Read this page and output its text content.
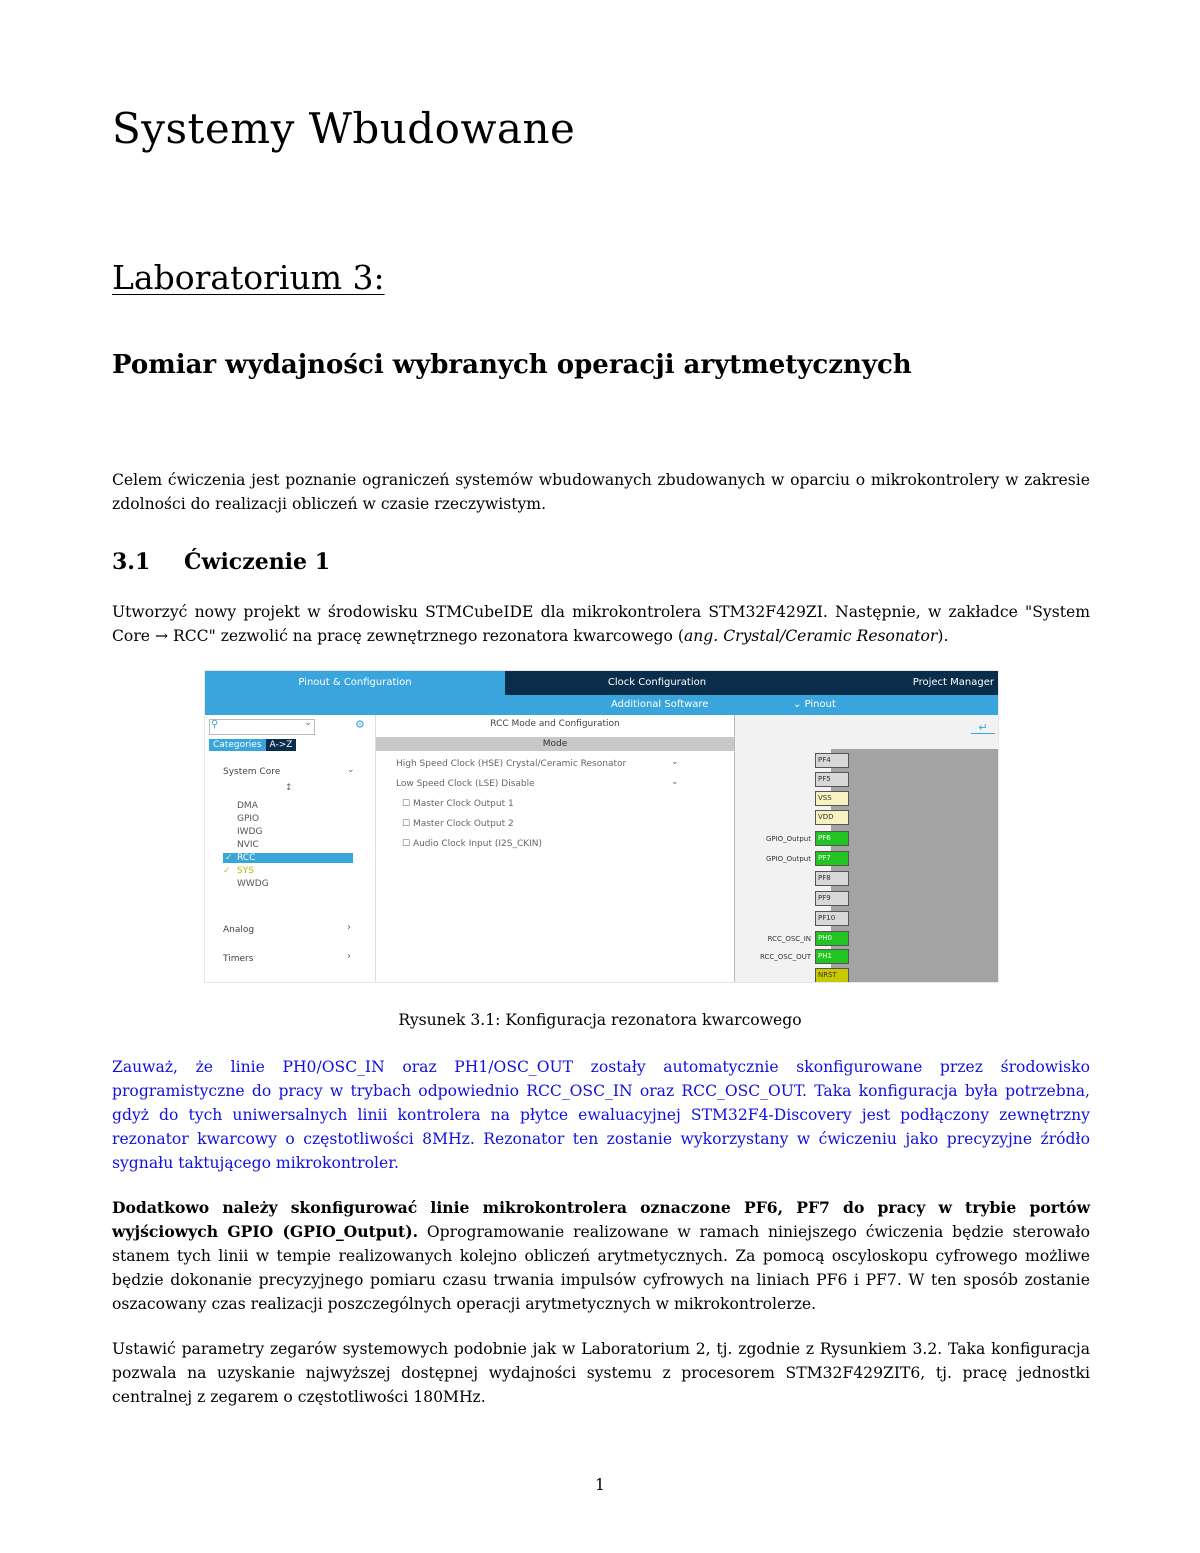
Systemy Wbudowane
Laboratorium 3:
Pomiar wydajności wybranych operacji arytmetycznych
Celem ćwiczenia jest poznanie ograniczeń systemów wbudowanych zbudowanych w oparciu o mikrokontrolery w zakresie zdolności do realizacji obliczeń w czasie rzeczywistym.
3.1 Ćwiczenie 1
Utworzyć nowy projekt w środowisku STMCubeIDE dla mikrokontrolera STM32F429ZI. Następnie, w zakładce "System Core → RCC" zezwolić na pracę zewnętrznego rezonatora kwarcowego (ang. Crystal/Ceramic Resonator).
Pinout & Configuration	Clock Configuration	Project Manager
Additional Software	⌄ Pinout
⚲	⌄	⚙
Categories A->Z
System Core	⌄
↕
DMA
GPIO
IWDG
NVIC
✓ RCC
✓ SYS
WWDG
Analog	›
Timers	›
RCC Mode and Configuration
Mode
High Speed Clock (HSE) Crystal/Ceramic Resonator	⌄
Low Speed Clock (LSE) Disable	⌄
☐ Master Clock Output 1
☐ Master Clock Output 2
☐ Audio Clock Input (I2S_CKIN)
↵
PF4
PF5
VSS
VDD
PF6
PF7
PF8
PF9
PF10
PH0
PH1
NRST
GPIO_Output
GPIO_Output
RCC_OSC_IN
RCC_OSC_OUT
Rysunek 3.1: Konfiguracja rezonatora kwarcowego
Zauważ, że linie PH0/OSC_IN oraz PH1/OSC_OUT zostały automatycznie skonfigurowane przez środowisko programistyczne do pracy w trybach odpowiednio RCC_OSC_IN oraz RCC_OSC_OUT. Taka konfiguracja była potrzebna, gdyż do tych uniwersalnych linii kontrolera na płytce ewaluacyjnej STM32F4-Discovery jest podłączony zewnętrzny rezonator kwarcowy o częstotliwości 8MHz. Rezonator ten zostanie wykorzystany w ćwiczeniu jako precyzyjne źródło sygnału taktującego mikrokontroler.
Dodatkowo należy skonfigurować linie mikrokontrolera oznaczone PF6, PF7 do pracy w trybie portów wyjściowych GPIO (GPIO_Output). Oprogramowanie realizowane w ramach niniejszego ćwiczenia będzie sterowało stanem tych linii w tempie realizowanych kolejno obliczeń arytmetycznych. Za pomocą oscyloskopu cyfrowego możliwe będzie dokonanie precyzyjnego pomiaru czasu trwania impulsów cyfrowych na liniach PF6 i PF7. W ten sposób zostanie oszacowany czas realizacji poszczególnych operacji arytmetycznych w mikrokontrolerze.
Ustawić parametry zegarów systemowych podobnie jak w Laboratorium 2, tj. zgodnie z Rysunkiem 3.2. Taka konfiguracja pozwala na uzyskanie najwyższej dostępnej wydajności systemu z procesorem STM32F429ZIT6, tj. pracę jednostki centralnej z zegarem o częstotliwości 180MHz.
1
